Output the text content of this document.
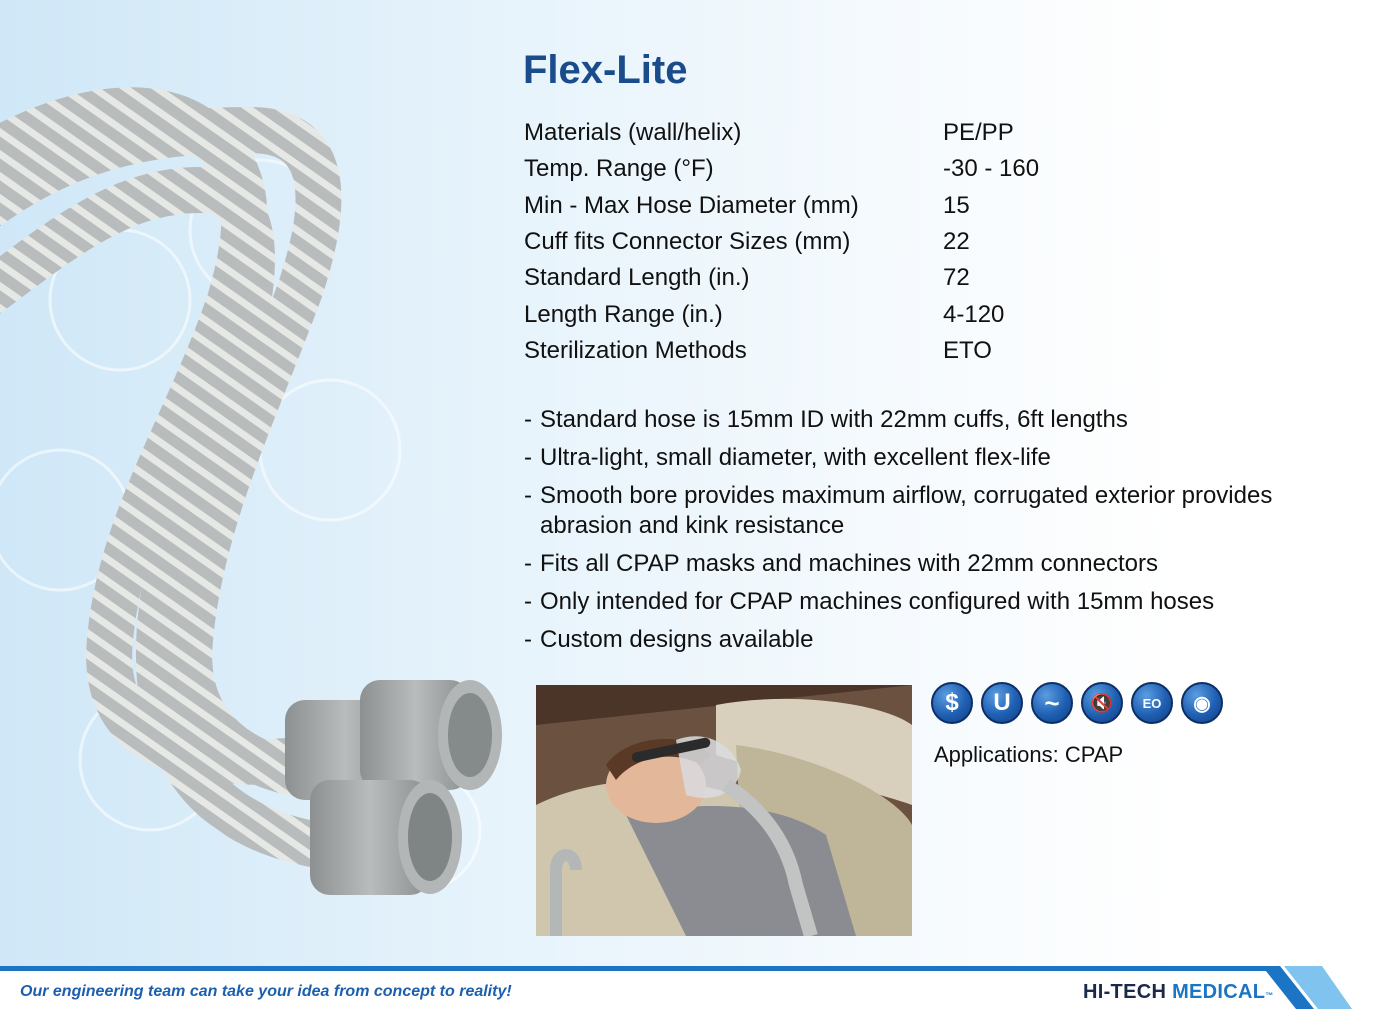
Flex-Lite
Materials (wall/helix)	PE/PP
Temp. Range (°F)	-30 - 160
Min - Max Hose Diameter (mm)	15
Cuff fits Connector Sizes (mm)	22
Standard Length (in.)	72
Length Range (in.)	4-120
Sterilization Methods	ETO
- Standard hose is 15mm ID with 22mm cuffs, 6ft lengths
- Ultra-light, small diameter, with excellent flex-life
- Smooth bore provides maximum airflow, corrugated exterior provides abrasion and kink resistance
- Fits all CPAP masks and machines with 22mm connectors
- Only intended for CPAP machines configured with 15mm hoses
- Custom designs available
$	U	~	🔇	EO	◉
Applications: CPAP
Our engineering team can take your idea from concept to reality!	HI-TECH MEDICAL™
